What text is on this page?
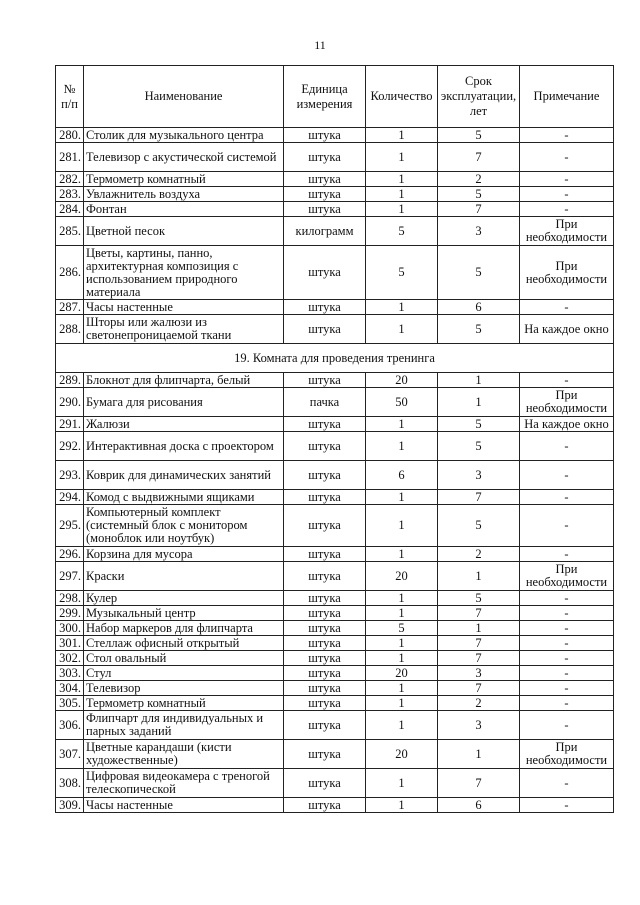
11
№ п/п	Наименование	Единица измерения	Количество	Срок эксплуатации, лет	Примечание
280.	Столик для музыкального центра	штука	1	5	-
281.	Телевизор с акустической системой	штука	1	7	-
282.	Термометр комнатный	штука	1	2	-
283.	Увлажнитель воздуха	штука	1	5	-
284.	Фонтан	штука	1	7	-
285.	Цветной песок	килограмм	5	3	При необходимости
286.	Цветы, картины, панно, архитектурная композиция с использованием природного материала	штука	5	5	При необходимости
287.	Часы настенные	штука	1	6	-
288.	Шторы или жалюзи из светонепроницаемой ткани	штука	1	5	На каждое окно
19. Комната для проведения тренинга					
289.	Блокнот для флипчарта, белый	штука	20	1	-
290.	Бумага для рисования	пачка	50	1	При необходимости
291.	Жалюзи	штука	1	5	На каждое окно
292.	Интерактивная доска с проектором	штука	1	5	-
293.	Коврик для динамических занятий	штука	6	3	-
294.	Комод с выдвижными ящиками	штука	1	7	-
295.	Компьютерный комплект (системный блок с монитором (моноблок или ноутбук)	штука	1	5	-
296.	Корзина для мусора	штука	1	2	-
297.	Краски	штука	20	1	При необходимости
298.	Кулер	штука	1	5	-
299.	Музыкальный центр	штука	1	7	-
300.	Набор маркеров для флипчарта	штука	5	1	-
301.	Стеллаж офисный открытый	штука	1	7	-
302.	Стол овальный	штука	1	7	-
303.	Стул	штука	20	3	-
304.	Телевизор	штука	1	7	-
305.	Термометр комнатный	штука	1	2	-
306.	Флипчарт для индивидуальных и парных заданий	штука	1	3	-
307.	Цветные карандаши (кисти художественные)	штука	20	1	При необходимости
308.	Цифровая видеокамера с треногой телескопической	штука	1	7	-
309.	Часы настенные	штука	1	6	-
